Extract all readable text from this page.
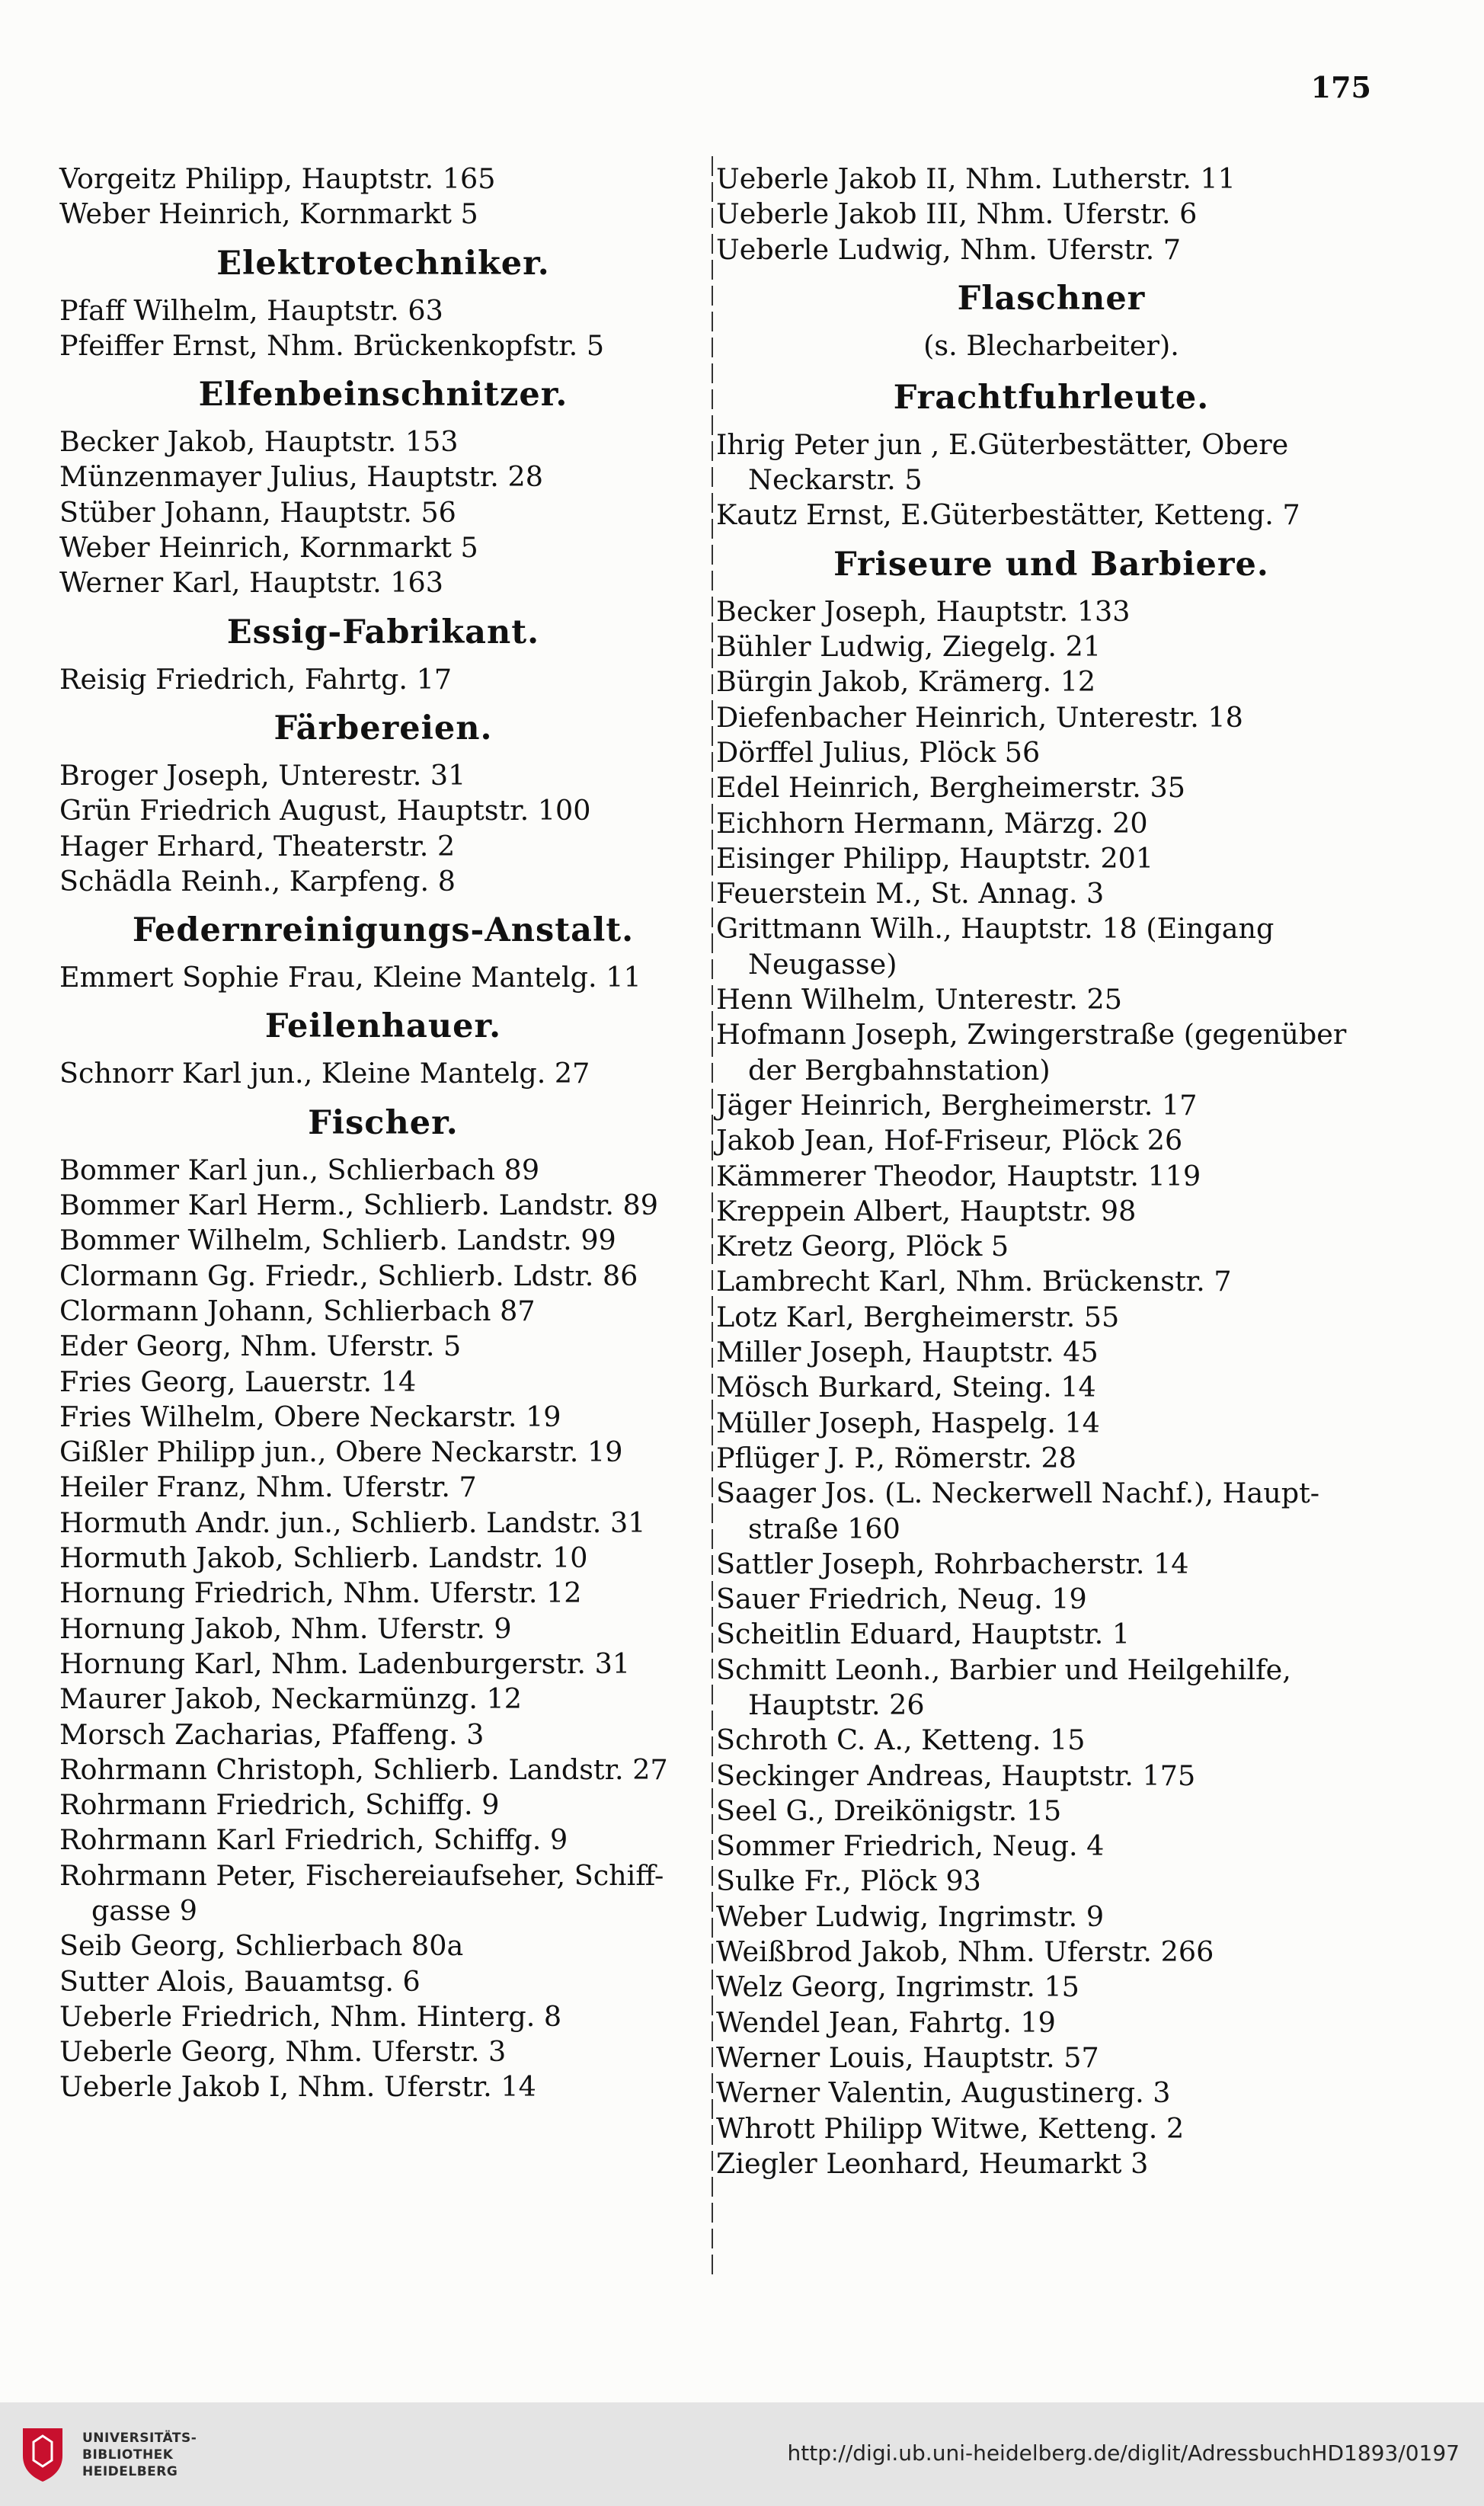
175
Vorgeitz Philipp, Hauptstr. 165
Weber Heinrich, Kornmarkt 5
Elektrotechniker.
Pfaff Wilhelm, Hauptstr. 63
Pfeiffer Ernst, Nhm. Brückenkopfstr. 5
Elfenbeinschnitzer.
Becker Jakob, Hauptstr. 153
Münzenmayer Julius, Hauptstr. 28
Stüber Johann, Hauptstr. 56
Weber Heinrich, Kornmarkt 5
Werner Karl, Hauptstr. 163
Essig-Fabrikant.
Reisig Friedrich, Fahrtg. 17
Färbereien.
Broger Joseph, Unterestr. 31
Grün Friedrich August, Hauptstr. 100
Hager Erhard, Theaterstr. 2
Schädla Reinh., Karpfeng. 8
Federnreinigungs-Anstalt.
Emmert Sophie Frau, Kleine Mantelg. 11
Feilenhauer.
Schnorr Karl jun., Kleine Mantelg. 27
Fischer.
Bommer Karl jun., Schlierbach 89
Bommer Karl Herm., Schlierb. Landstr. 89
Bommer Wilhelm, Schlierb. Landstr. 99
Clormann Gg. Friedr., Schlierb. Ldstr. 86
Clormann Johann, Schlierbach 87
Eder Georg, Nhm. Uferstr. 5
Fries Georg, Lauerstr. 14
Fries Wilhelm, Obere Neckarstr. 19
Gißler Philipp jun., Obere Neckarstr. 19
Heiler Franz, Nhm. Uferstr. 7
Hormuth Andr. jun., Schlierb. Landstr. 31
Hormuth Jakob, Schlierb. Landstr. 10
Hornung Friedrich, Nhm. Uferstr. 12
Hornung Jakob, Nhm. Uferstr. 9
Hornung Karl, Nhm. Ladenburgerstr. 31
Maurer Jakob, Neckarmünzg. 12
Morsch Zacharias, Pfaffeng. 3
Rohrmann Christoph, Schlierb. Landstr. 27
Rohrmann Friedrich, Schiffg. 9
Rohrmann Karl Friedrich, Schiffg. 9
Rohrmann Peter, Fischereiaufseher, Schiff-
gasse 9
Seib Georg, Schlierbach 80a
Sutter Alois, Bauamtsg. 6
Ueberle Friedrich, Nhm. Hinterg. 8
Ueberle Georg, Nhm. Uferstr. 3
Ueberle Jakob I, Nhm. Uferstr. 14
Ueberle Jakob II, Nhm. Lutherstr. 11
Ueberle Jakob III, Nhm. Uferstr. 6
Ueberle Ludwig, Nhm. Uferstr. 7
Flaschner
(s. Blecharbeiter).
Frachtfuhrleute.
Ihrig Peter jun , E.Güterbestätter, Obere
Neckarstr. 5
Kautz Ernst, E.Güterbestätter, Ketteng. 7
Friseure und Barbiere.
Becker Joseph, Hauptstr. 133
Bühler Ludwig, Ziegelg. 21
Bürgin Jakob, Krämerg. 12
Diefenbacher Heinrich, Unterestr. 18
Dörffel Julius, Plöck 56
Edel Heinrich, Bergheimerstr. 35
Eichhorn Hermann, Märzg. 20
Eisinger Philipp, Hauptstr. 201
Feuerstein M., St. Annag. 3
Grittmann Wilh., Hauptstr. 18 (Eingang
Neugasse)
Henn Wilhelm, Unterestr. 25
Hofmann Joseph, Zwingerstraße (gegenüber
der Bergbahnstation)
Jäger Heinrich, Bergheimerstr. 17
Jakob Jean, Hof-Friseur, Plöck 26
Kämmerer Theodor, Hauptstr. 119
Kreppein Albert, Hauptstr. 98
Kretz Georg, Plöck 5
Lambrecht Karl, Nhm. Brückenstr. 7
Lotz Karl, Bergheimerstr. 55
Miller Joseph, Hauptstr. 45
Mösch Burkard, Steing. 14
Müller Joseph, Haspelg. 14
Pflüger J. P., Römerstr. 28
Saager Jos. (L. Neckerwell Nachf.), Haupt-
straße 160
Sattler Joseph, Rohrbacherstr. 14
Sauer Friedrich, Neug. 19
Scheitlin Eduard, Hauptstr. 1
Schmitt Leonh., Barbier und Heilgehilfe,
Hauptstr. 26
Schroth C. A., Ketteng. 15
Seckinger Andreas, Hauptstr. 175
Seel G., Dreikönigstr. 15
Sommer Friedrich, Neug. 4
Sulke Fr., Plöck 93
Weber Ludwig, Ingrimstr. 9
Weißbrod Jakob, Nhm. Uferstr. 266
Welz Georg, Ingrimstr. 15
Wendel Jean, Fahrtg. 19
Werner Louis, Hauptstr. 57
Werner Valentin, Augustinerg. 3
Whrott Philipp Witwe, Ketteng. 2
Ziegler Leonhard, Heumarkt 3
UNIVERSITÄTS-
BIBLIOTHEK
HEIDELBERG
http://digi.ub.uni-heidelberg.de/diglit/AdressbuchHD1893/0197
